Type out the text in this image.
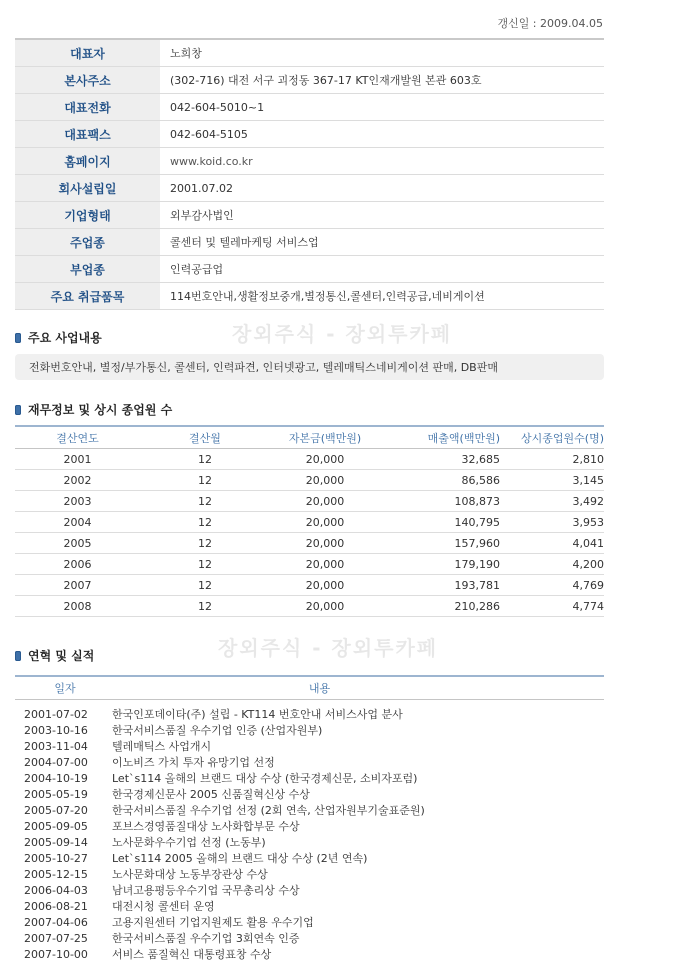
갱신일 : 2009.04.05
대표자	노희창
본사주소	(302-716) 대전 서구 괴정동 367-17 KT인재개발원 본관 603호
대표전화	042-604-5010~1
대표팩스	042-604-5105
홈페이지	www.koid.co.kr
회사설립일	2001.07.02
기업형태	외부감사법인
주업종	콜센터 및 텔레마케팅 서비스업
부업종	인력공급업
주요 취급품목	114번호안내,생활정보중개,별정통신,콜센터,인력공급,네비게이션
장외주식 - 장외투카페
주요 사업내용
전화번호안내, 별정/부가통신, 콜센터, 인력파견, 인터넷광고, 텔레매틱스네비게이션 판매, DB판매
재무정보 및 상시 종업원 수
결산연도	결산월	자본금(백만원)	매출액(백만원)	상시종업원수(명)
2001	12	20,000	32,685	2,810
2002	12	20,000	86,586	3,145
2003	12	20,000	108,873	3,492
2004	12	20,000	140,795	3,953
2005	12	20,000	157,960	4,041
2006	12	20,000	179,190	4,200
2007	12	20,000	193,781	4,769
2008	12	20,000	210,286	4,774
장외주식 - 장외투카페
연혁 및 실적
일자	내용
2001-07-02	한국인포데이타(주) 설립 - KT114 번호안내 서비스사업 분사
2003-10-16	한국서비스품질 우수기업 인증 (산업자원부)
2003-11-04	텔레매틱스 사업개시
2004-07-00	이노비즈 가치 투자 유망기업 선정
2004-10-19	Let`s114 올해의 브랜드 대상 수상 (한국경제신문, 소비자포럼)
2005-05-19	한국경제신문사 2005 신품질혁신상 수상
2005-07-20	한국서비스품질 우수기업 선정 (2회 연속, 산업자원부기술표준원)
2005-09-05	포브스경영품질대상 노사화합부문 수상
2005-09-14	노사문화우수기업 선정 (노동부)
2005-10-27	Let`s114 2005 올해의 브랜드 대상 수상 (2년 연속)
2005-12-15	노사문화대상 노동부장관상 수상
2006-04-03	남녀고용평등우수기업 국무총리상 수상
2006-08-21	대전시청 콜센터 운영
2007-04-06	고용지원센터 기업지원제도 활용 우수기업
2007-07-25	한국서비스품질 우수기업 3회연속 인증
2007-10-00	서비스 품질혁신 대통령표창 수상
